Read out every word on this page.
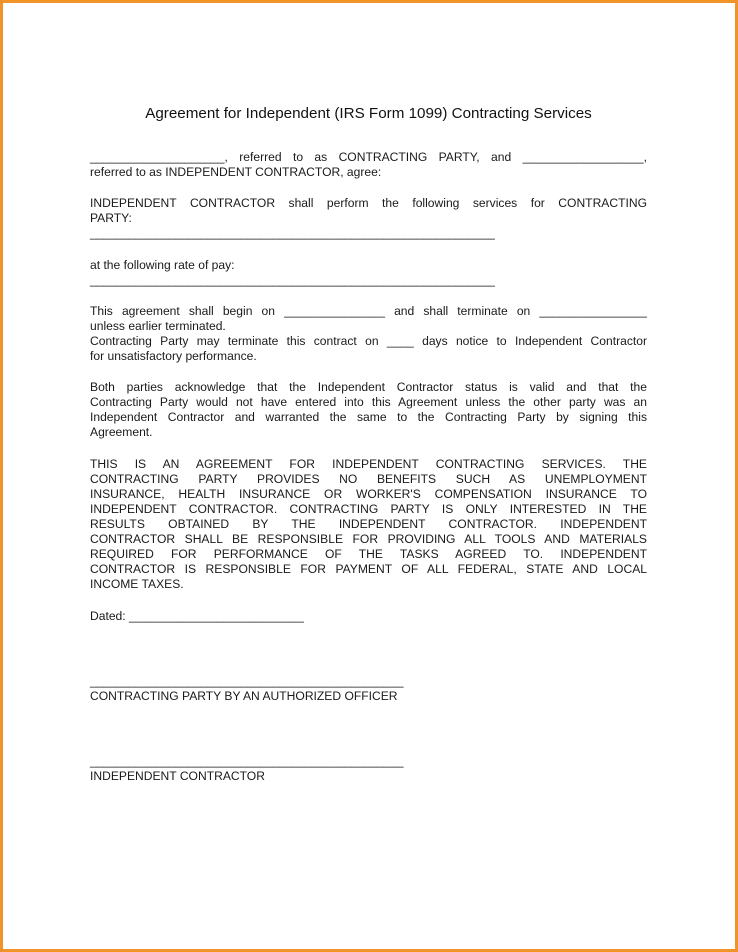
Agreement for Independent (IRS Form 1099) Contracting Services
____________________, referred to as CONTRACTING PARTY, and __________________,
referred to as INDEPENDENT CONTRACTOR, agree:
INDEPENDENT CONTRACTOR shall perform the following services for CONTRACTING
PARTY:
______________________________________________________________
at the following rate of pay:
______________________________________________________________
This agreement shall begin on _______________ and shall terminate on ________________
unless earlier terminated.
Contracting Party may terminate this contract on ____ days notice to Independent Contractor
for unsatisfactory performance.
Both parties acknowledge that the Independent Contractor status is valid and that the
Contracting Party would not have entered into this Agreement unless the other party was an
Independent Contractor and warranted the same to the Contracting Party by signing this
Agreement.
THIS IS AN AGREEMENT FOR INDEPENDENT CONTRACTING SERVICES. THE
CONTRACTING PARTY PROVIDES NO BENEFITS SUCH AS UNEMPLOYMENT
INSURANCE, HEALTH INSURANCE OR WORKER'S COMPENSATION INSURANCE TO
INDEPENDENT CONTRACTOR. CONTRACTING PARTY IS ONLY INTERESTED IN THE
RESULTS OBTAINED BY THE INDEPENDENT CONTRACTOR. INDEPENDENT
CONTRACTOR SHALL BE RESPONSIBLE FOR PROVIDING ALL TOOLS AND MATERIALS
REQUIRED FOR PERFORMANCE OF THE TASKS AGREED TO. INDEPENDENT
CONTRACTOR IS RESPONSIBLE FOR PAYMENT OF ALL FEDERAL, STATE AND LOCAL
INCOME TAXES.
Dated: __________________________
________________________________________________
CONTRACTING PARTY BY AN AUTHORIZED OFFICER
________________________________________________
INDEPENDENT CONTRACTOR
